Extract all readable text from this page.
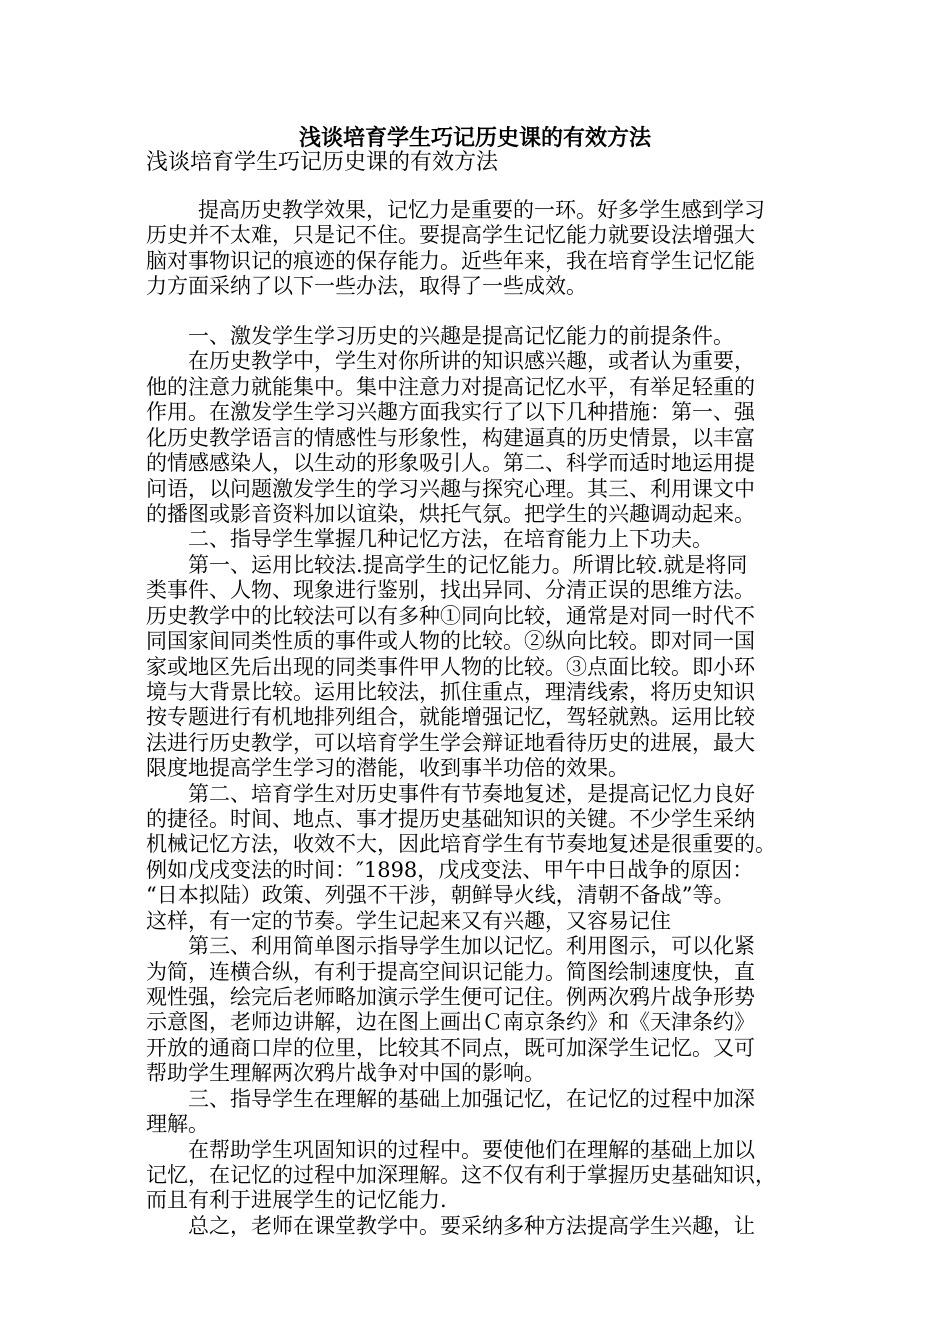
浅谈培育学生巧记历史课的有效方法
浅谈培育学生巧记历史课的有效方法
提高历史教学效果，记忆力是重要的一环。好多学生感到学习
历史并不太难，只是记不住。要提高学生记忆能力就要设法增强大
脑对事物识记的痕迹的保存能力。近些年来，我在培育学生记忆能
力方面采纳了以下一些办法，取得了一些成效。
一、激发学生学习历史的兴趣是提高记忆能力的前提条件。
在历史教学中，学生对你所讲的知识感兴趣，或者认为重要，
他的注意力就能集中。集中注意力对提高记忆水平，有举足轻重的
作用。在激发学生学习兴趣方面我实行了以下几种措施：第一、强
化历史教学语言的情感性与形象性，构建逼真的历史情景，以丰富
的情感感染人，以生动的形象吸引人。第二、科学而适时地运用提
问语，以问题激发学生的学习兴趣与探究心理。其三、利用课文中
的播图或影音资料加以谊染，烘托气氛。把学生的兴趣调动起来。
二、指导学生掌握几种记忆方法，在培育能力上下功夫。
第一、运用比较法.提高学生的记忆能力。所谓比较.就是将同
类事件、人物、现象进行鉴别，找出异同、分清正误的思维方法。
历史教学中的比较法可以有多种①同向比较，通常是对同一时代不
同国家间同类性质的事件或人物的比较。②纵向比较。即对同一国
家或地区先后出现的同类事件甲人物的比较。③点面比较。即小环
境与大背景比较。运用比较法，抓住重点，理清线索，将历史知识
按专题进行有机地排列组合，就能增强记忆，驾轻就熟。运用比较
法进行历史教学，可以培育学生学会辩证地看待历史的进展，最大
限度地提高学生学习的潜能，收到事半功倍的效果。
第二、培育学生对历史事件有节奏地复述，是提高记忆力良好
的捷径。时间、地点、事才提历史基础知识的关键。不少学生采纳
机械记忆方法，收效不大，因此培育学生有节奏地复述是很重要的。
例如戊戌变法的时间：″1898，戊戌变法、甲午中日战争的原因：
“日本拟陆）政策、列强不干涉，朝鲜导火线，清朝不备战”等。
这样，有一定的节奏。学生记起来又有兴趣，又容易记住
第三、利用简单图示指导学生加以记忆。利用图示，可以化紧
为简，连横合纵，有利于提高空间识记能力。简图绘制速度快，直
观性强，绘完后老师略加演示学生便可记住。例两次鸦片战争形势
示意图，老师边讲解，边在图上画出Ｃ南京条约》和《天津条约》
开放的通商口岸的位里，比较其不同点，既可加深学生记忆。又可
帮助学生理解两次鸦片战争对中国的影响。
三、指导学生在理解的基础上加强记忆，在记忆的过程中加深
理解。
在帮助学生巩固知识的过程中。要使他们在理解的基础上加以
记忆，在记忆的过程中加深理解。这不仅有利于掌握历史基础知识，
而且有利于进展学生的记忆能力.
总之，老师在课堂教学中。要采纳多种方法提高学生兴趣，让
